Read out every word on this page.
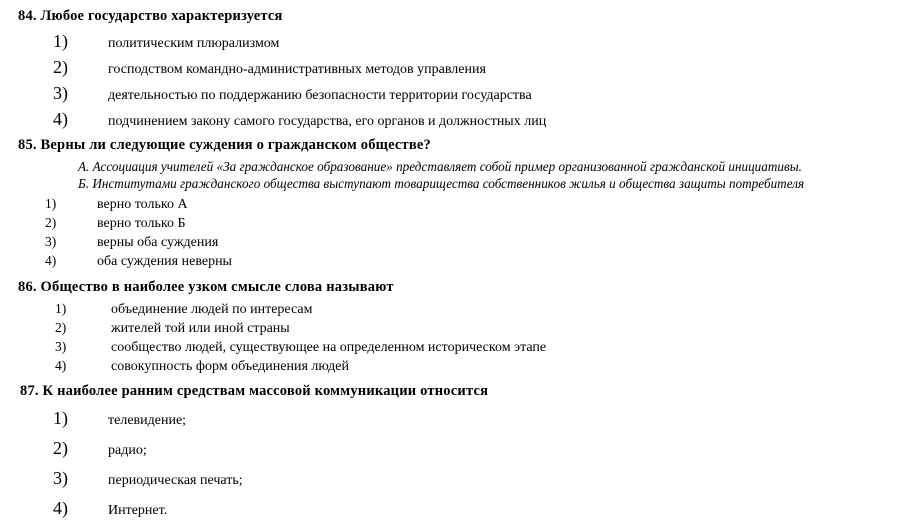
84. Любое государство характеризуется
1)	политическим плюрализмом
2)	господством командно-административных методов управления
3)	деятельностью по поддержанию безопасности территории государства
4)	подчинением закону самого государства, его органов и должностных лиц
85. Верны ли следующие суждения о гражданском обществе?
А. Ассоциация учителей «За гражданское образование» представляет собой пример организованной гражданской инициативы.
Б. Институтами гражданского общества выступают товарищества собственников жилья и общества защиты потребителя
1)	верно только А
2)	верно только Б
3)	верны оба суждения
4)	оба суждения неверны
86. Общество в наиболее узком смысле слова называют
1)	объединение людей по интересам
2)	жителей той или иной страны
3)	сообщество людей, существующее на определенном историческом этапе
4)	совокупность форм объединения людей
87. К наиболее ранним средствам массовой коммуникации относится
1)	телевидение;
2)	радио;
3)	периодическая печать;
4)	Интернет.
